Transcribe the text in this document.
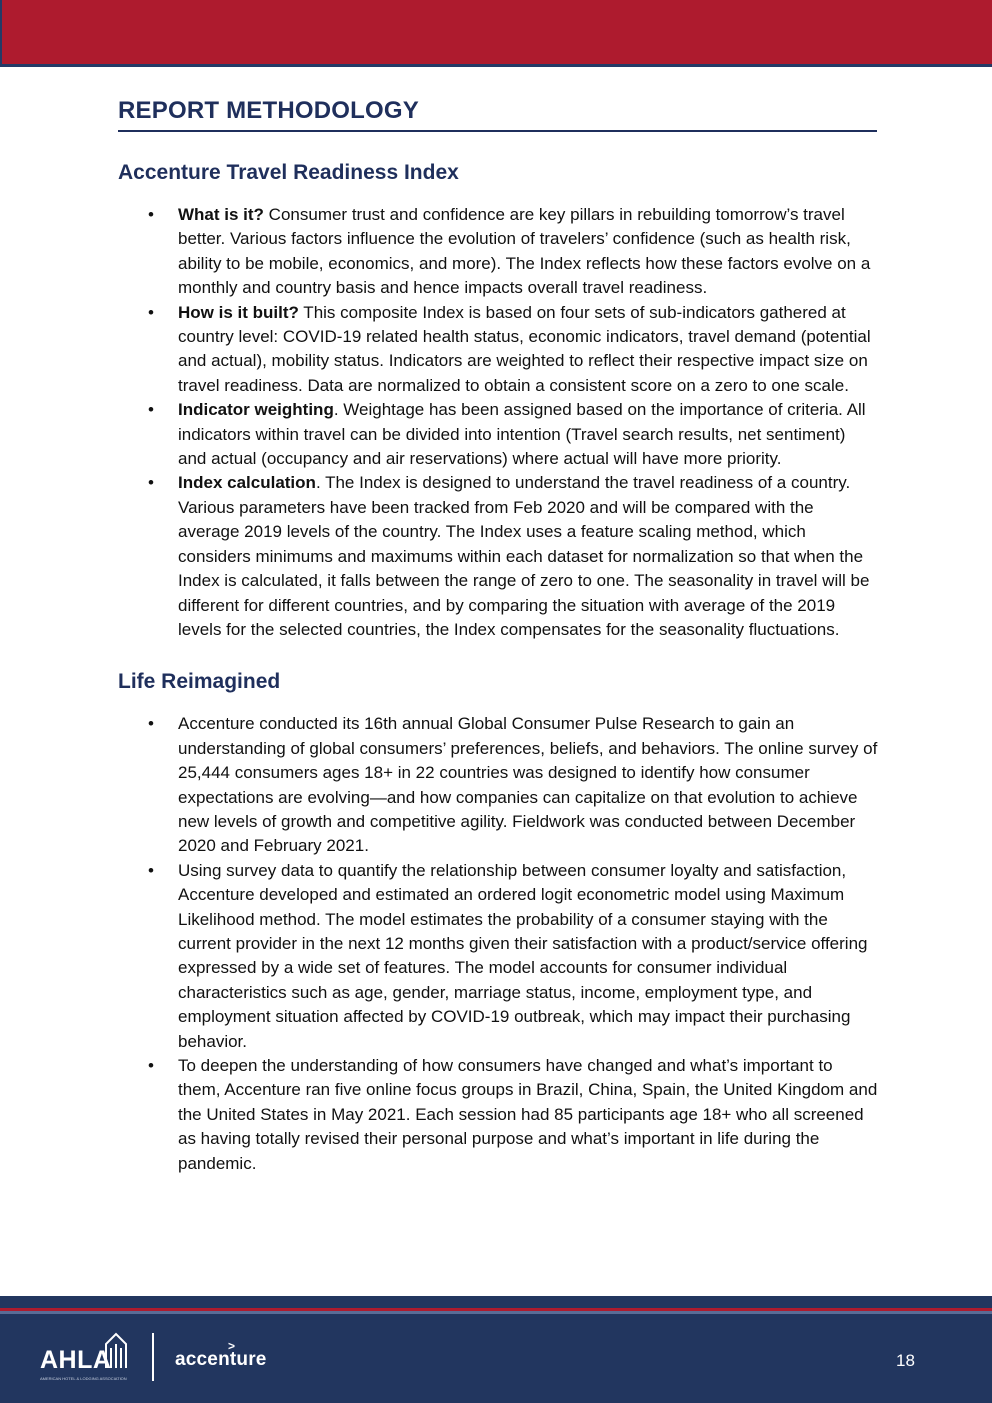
REPORT METHODOLOGY
Accenture Travel Readiness Index
• What is it? Consumer trust and confidence are key pillars in rebuilding tomorrow’s travel better. Various factors influence the evolution of travelers’ confidence (such as health risk, ability to be mobile, economics, and more). The Index reflects how these factors evolve on a monthly and country basis and hence impacts overall travel readiness.
• How is it built? This composite Index is based on four sets of sub-indicators gathered at country level: COVID-19 related health status, economic indicators, travel demand (potential and actual), mobility status. Indicators are weighted to reflect their respective impact size on travel readiness. Data are normalized to obtain a consistent score on a zero to one scale.
• Indicator weighting. Weightage has been assigned based on the importance of criteria. All indicators within travel can be divided into intention (Travel search results, net sentiment) and actual (occupancy and air reservations) where actual will have more priority.
• Index calculation. The Index is designed to understand the travel readiness of a country. Various parameters have been tracked from Feb 2020 and will be compared with the average 2019 levels of the country. The Index uses a feature scaling method, which considers minimums and maximums within each dataset for normalization so that when the Index is calculated, it falls between the range of zero to one. The seasonality in travel will be different for different countries, and by comparing the situation with average of the 2019 levels for the selected countries, the Index compensates for the seasonality fluctuations.
Life Reimagined
• Accenture conducted its 16th annual Global Consumer Pulse Research to gain an understanding of global consumers’ preferences, beliefs, and behaviors. The online survey of 25,444 consumers ages 18+ in 22 countries was designed to identify how consumer expectations are evolving—and how companies can capitalize on that evolution to achieve new levels of growth and competitive agility. Fieldwork was conducted between December 2020 and February 2021.
• Using survey data to quantify the relationship between consumer loyalty and satisfaction, Accenture developed and estimated an ordered logit econometric model using Maximum Likelihood method. The model estimates the probability of a consumer staying with the current provider in the next 12 months given their satisfaction with a product/service offering expressed by a wide set of features. The model accounts for consumer individual characteristics such as age, gender, marriage status, income, employment type, and employment situation affected by COVID-19 outbreak, which may impact their purchasing behavior.
• To deepen the understanding of how consumers have changed and what’s important to them, Accenture ran five online focus groups in Brazil, China, Spain, the United Kingdom and the United States in May 2021. Each session had 85 participants age 18+ who all screened as having totally revised their personal purpose and what’s important in life during the pandemic.
AHLA
AMERICAN HOTEL & LODGING ASSOCIATION
>
accenture	18
